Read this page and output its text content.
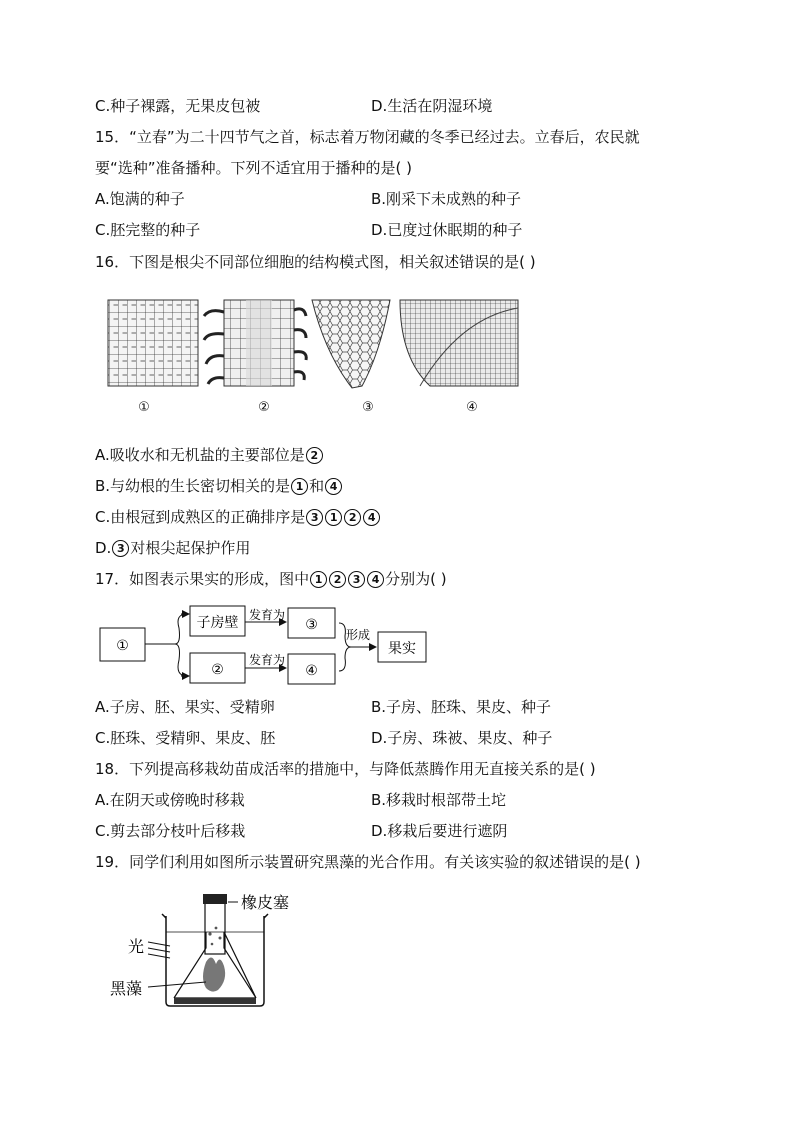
C.种子裸露，无果皮包被	D.生活在阴湿环境
15．“立春”为二十四节气之首，标志着万物闭藏的冬季已经过去。立春后，农民就
要“选种”准备播种。下列不适宜用于播种的是( )
A.饱满的种子	B.刚采下未成熟的种子
C.胚完整的种子	D.已度过休眠期的种子
16．下图是根尖不同部位细胞的结构模式图，相关叙述错误的是( )
①	②	③	④
A.吸收水和无机盐的主要部位是 2
B.与幼根的生长密切相关的是 1 和 4
C.由根冠到成熟区的正确排序是 3 1 2 4
D. 3 对根尖起保护作用
17．如图表示果实的形成，图中 1 2 3 4 分别为( )
①
子房壁
②
发育为
发育为
③
④
形成
果实
A.子房、胚、果实、受精卵	B.子房、胚珠、果皮、种子
C.胚珠、受精卵、果皮、胚	D.子房、珠被、果皮、种子
18．下列提高移栽幼苗成活率的措施中，与降低蒸腾作用无直接关系的是( )
A.在阴天或傍晚时移栽	B.移栽时根部带土坨
C.剪去部分枝叶后移栽	D.移栽后要进行遮阴
19．同学们利用如图所示装置研究黑藻的光合作用。有关该实验的叙述错误的是( )
橡皮塞
光
黑藻
